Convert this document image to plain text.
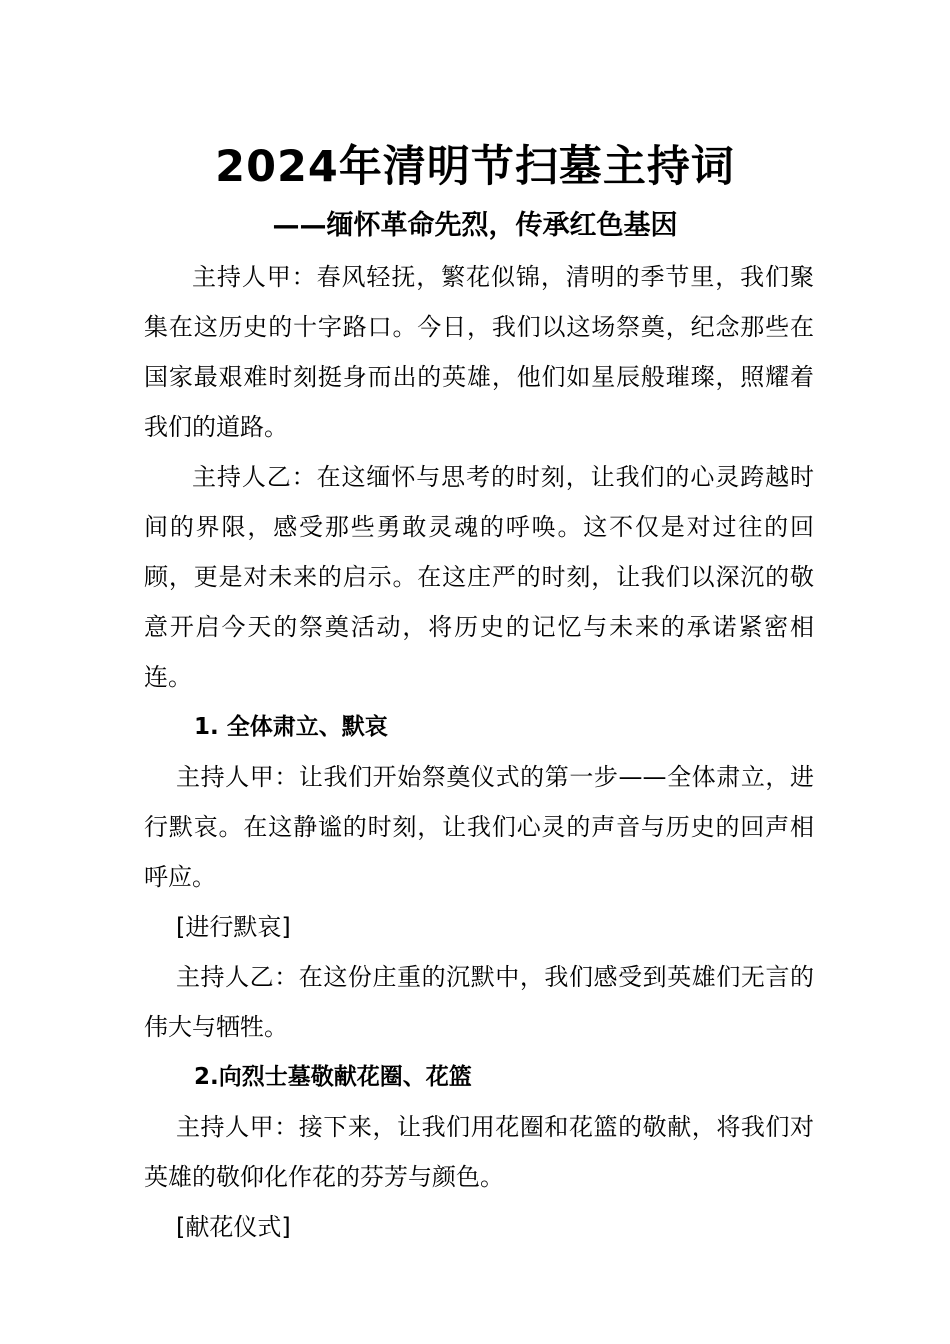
2024年清明节扫墓主持词
——缅怀革命先烈，传承红色基因

主持人甲：春风轻抚，繁花似锦，清明的季节里，我们聚集在这历史的十字路口。今日，我们以这场祭奠，纪念那些在国家最艰难时刻挺身而出的英雄，他们如星辰般璀璨，照耀着我们的道路。

主持人乙：在这缅怀与思考的时刻，让我们的心灵跨越时间的界限，感受那些勇敢灵魂的呼唤。这不仅是对过往的回顾，更是对未来的启示。在这庄严的时刻，让我们以深沉的敬意开启今天的祭奠活动，将历史的记忆与未来的承诺紧密相连。

1. 全体肃立、默哀

主持人甲：让我们开始祭奠仪式的第一步——全体肃立，进行默哀。在这静谧的时刻，让我们心灵的声音与历史的回声相呼应。

[进行默哀]

主持人乙：在这份庄重的沉默中，我们感受到英雄们无言的伟大与牺牲。

2.向烈士墓敬献花圈、花篮

主持人甲：接下来，让我们用花圈和花篮的敬献，将我们对英雄的敬仰化作花的芬芳与颜色。

[献花仪式]
